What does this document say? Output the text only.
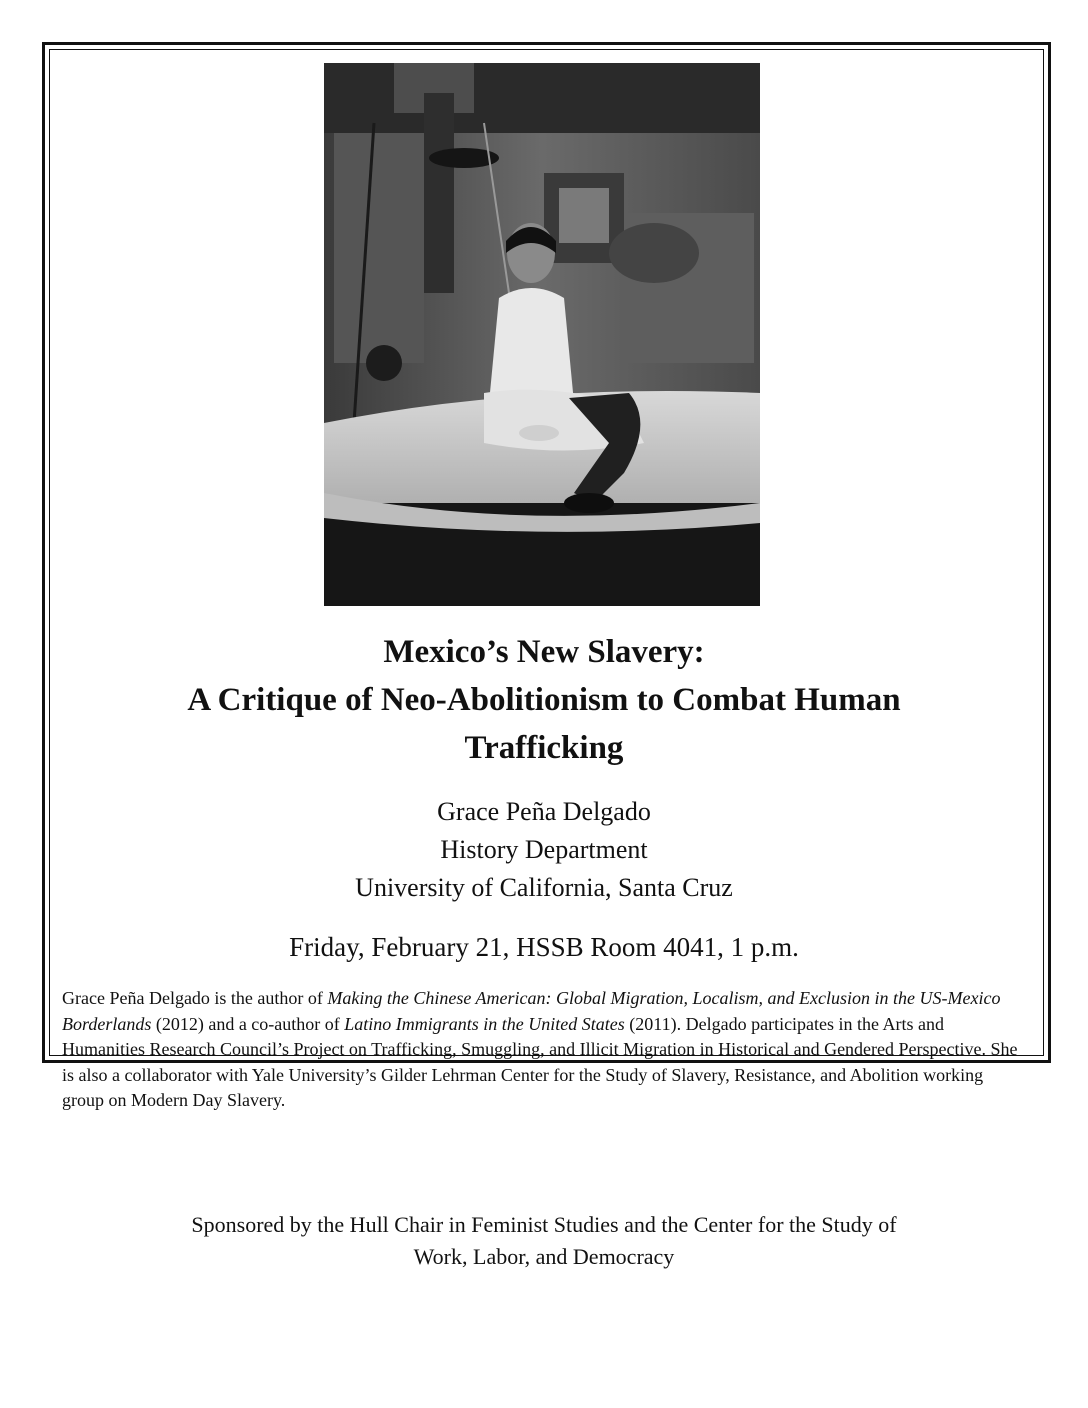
Mexico’s New Slavery:
A Critique of Neo-Abolitionism to Combat Human
Trafficking
Grace Peña Delgado
History Department
University of California, Santa Cruz
Friday, February 21, HSSB Room 4041, 1 p.m.
Grace Peña Delgado is the author of Making the Chinese American: Global Migration, Localism, and Exclusion in the US-Mexico Borderlands (2012) and a co-author of Latino Immigrants in the United States (2011). Delgado participates in the Arts and Humanities Research Council’s Project on Trafficking, Smuggling, and Illicit Migration in Historical and Gendered Perspective. She is also a collaborator with Yale University’s Gilder Lehrman Center for the Study of Slavery, Resistance, and Abolition working group on Modern Day Slavery.
Sponsored by the Hull Chair in Feminist Studies and the Center for the Study of
Work, Labor, and Democracy
